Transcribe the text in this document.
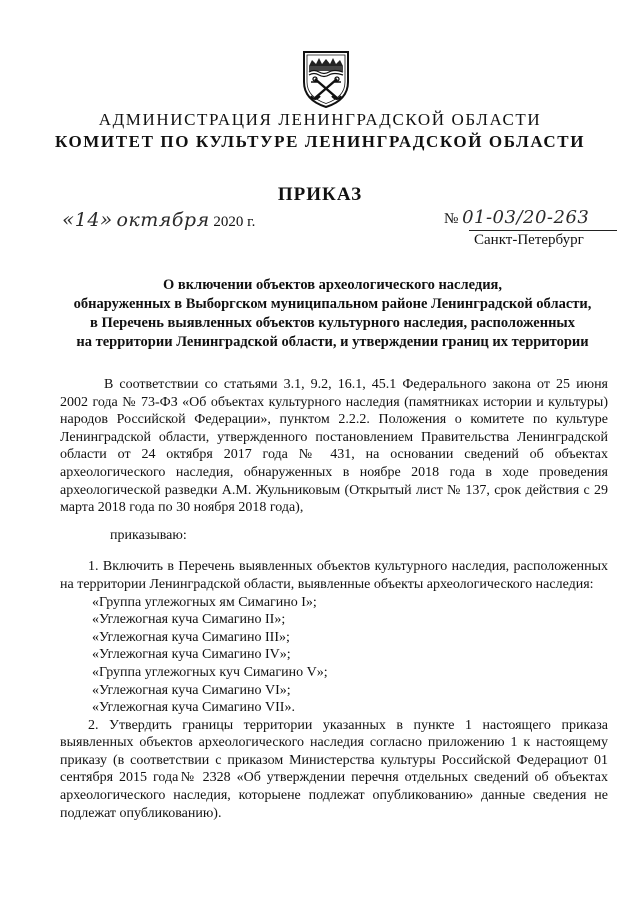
АДМИНИСТРАЦИЯ ЛЕНИНГРАДСКОЙ ОБЛАСТИ
КОМИТЕТ ПО КУЛЬТУРЕ ЛЕНИНГРАДСКОЙ ОБЛАСТИ
ПРИКАЗ
«14» октября 2020 г.	№ 01-03/20-263
Санкт-Петербург
О включении объектов археологического наследия,
обнаруженных в Выборгском муниципальном районе Ленинградской области,
в Перечень выявленных объектов культурного наследия, расположенных
на территории Ленинградской области, и утверждении границ их территории

В соответствии со статьями 3.1, 9.2, 16.1, 45.1 Федерального закона от 25 июня 2002 года № 73-ФЗ «Об объектах культурного наследия (памятниках истории и культуры) народов Российской Федерации», пунктом 2.2.2. Положения о комитете по культуре Ленинградской области, утвержденного постановлением Правительства Ленинградской области от 24 октября 2017 года № 431, на основании сведений об объектах археологического наследия, обнаруженных в ноябре 2018 года в ходе проведения археологической разведки А.М. Жульниковым (Открытый лист № 137, срок действия с 29 марта 2018 года по 30 ноября 2018 года),

приказываю:

1. Включить в Перечень выявленных объектов культурного наследия, расположенных на территории Ленинградской области, выявленные объекты археологического наследия:

«Группа углежогных ям Симагино I»;

«Углежогная куча Симагино II»;

«Углежогная куча Симагино III»;

«Углежогная куча Симагино IV»;

«Группа углежогных куч Симагино V»;

«Углежогная куча Симагино VI»;

«Углежогная куча Симагино VII».

2. Утвердить границы территории указанных в пункте 1 настоящего приказа выявленных объектов археологического наследия согласно приложению 1 к настоящему приказу (в соответствии с приказом Министерства культуры Российской Федерациот 01 сентября 2015 года№ 2328 «Об утверждении перечня отдельных сведений об объектах археологического наследия, которыене подлежат опубликованию» данные сведения не подлежат опубликованию).
